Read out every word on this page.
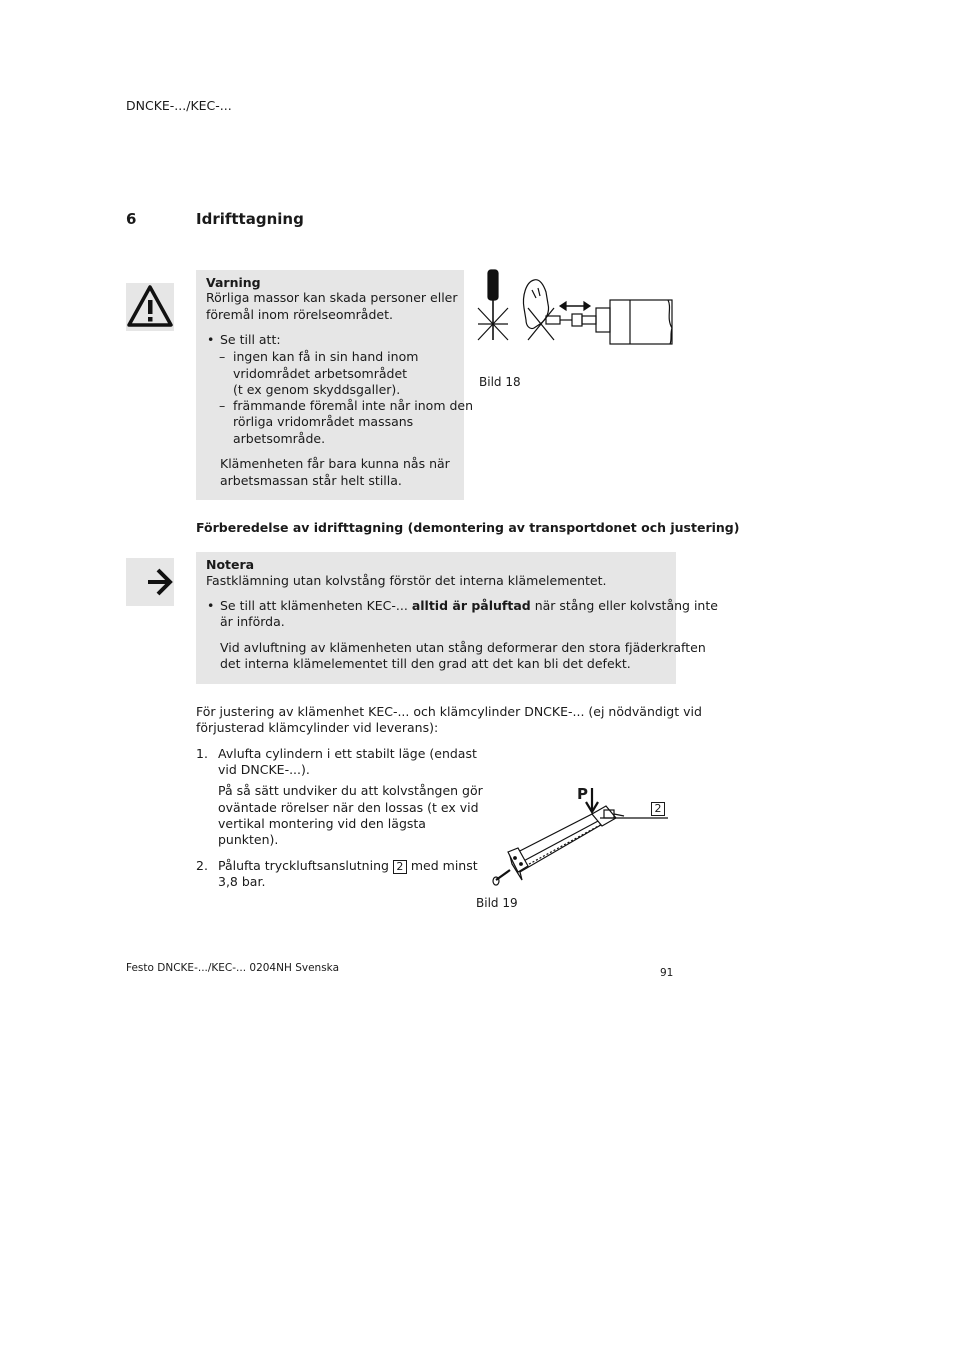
DNCKE-.../KEC-...
6	Idrifttagning
Varning
Rörliga massor kan skada personer eller
föremål inom rörelseområdet.
• Se till att:
– ingen kan få in sin hand inom
vridområdet arbetsområdet
(t ex genom skyddsgaller).
– främmande föremål inte når inom den
rörliga vridområdet massans
arbetsområde.
Klämenheten får bara kunna nås när
arbetsmassan står helt stilla.
Bild 18
Förberedelse av idrifttagning (demontering av transportdonet och justering)
Notera
Fastklämning utan kolvstång förstör det interna klämelementet.
• Se till att klämenheten KEC-... alltid är påluftad när stång eller kolvstång inte
är införda.
Vid avluftning av klämenheten utan stång deformerar den stora fjäderkraften
det interna klämelementet till den grad att det kan bli det defekt.
För justering av klämenhet KEC-... och klämcylinder DNCKE-... (ej nödvändigt vid
förjusterad klämcylinder vid leverans):
1. Avlufta cylindern i ett stabilt läge (endast
vid DNCKE-...).
På så sätt undviker du att kolvstången gör
oväntade rörelser när den lossas (t ex vid
vertikal montering vid den lägsta
punkten).
2. Pålufta tryckluftsanslutning 2 med minst
3,8 bar.
P
2
Bild 19
Festo DNCKE-.../KEC-... 0204NH Svenska	91
